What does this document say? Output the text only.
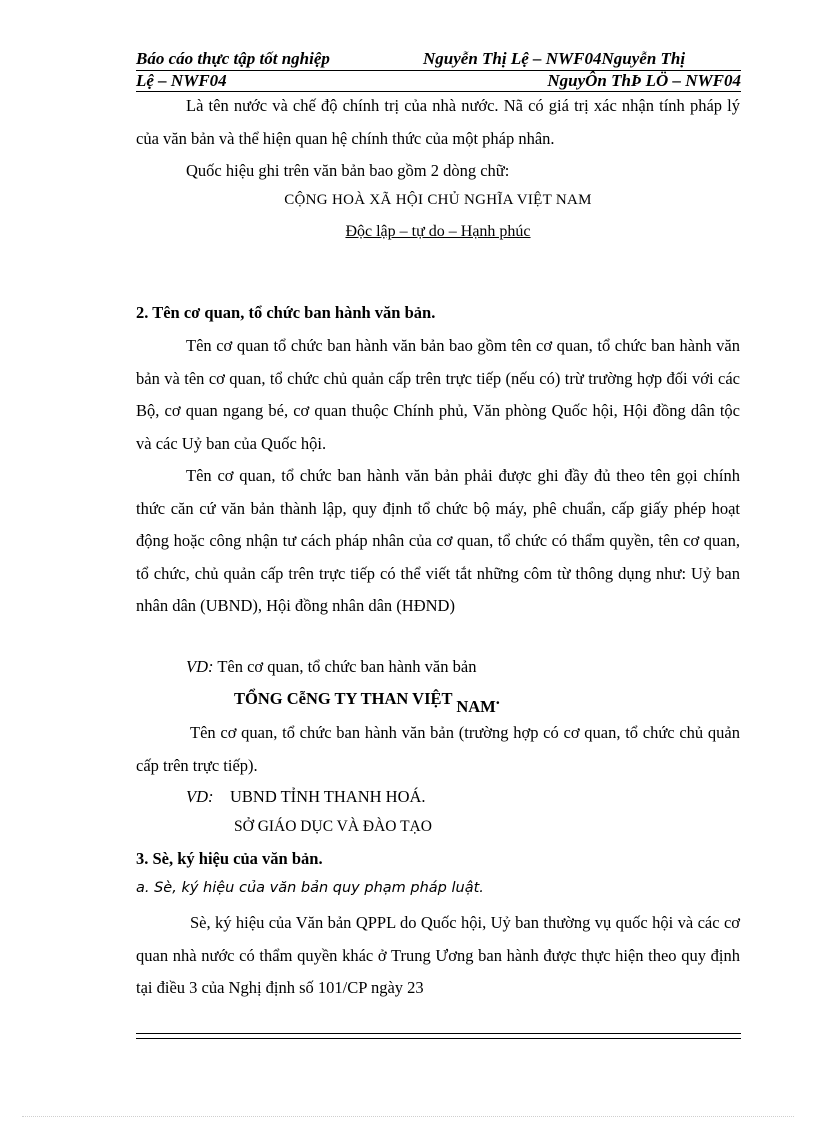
Báo cáo thực tập tốt nghiệp	Nguyễn Thị Lệ – NWF04Nguyễn Thị
Lệ – NWF04	NguyÔn ThÞ LÖ – NWF04
Là tên nước và chế độ chính trị của nhà nước. Nã có giá trị xác nhận tính pháp lý của văn bản và thể hiện quan hệ chính thức của một pháp nhân.
Quốc hiệu ghi trên văn bản bao gồm 2 dòng chữ:
CỘNG HOÀ XÃ HỘI CHỦ NGHĨA VIỆT NAM
Độc lập – tự do – Hạnh phúc
2. Tên cơ quan, tổ chức ban hành văn bản.
Tên cơ quan tổ chức ban hành văn bản bao gồm tên cơ quan, tổ chức ban hành văn bản và tên cơ quan, tổ chức chủ quản cấp trên trực tiếp (nếu có) trừ trường hợp đối với các Bộ, cơ quan ngang bé, cơ quan thuộc Chính phủ, Văn phòng Quốc hội, Hội đồng dân tộc và các Uỷ ban của Quốc hội.
Tên cơ quan, tổ chức ban hành văn bản phải được ghi đầy đủ theo tên gọi chính thức căn cứ văn bản thành lập, quy định tổ chức bộ máy, phê chuẩn, cấp giấy phép hoạt động hoặc công nhận tư cách pháp nhân của cơ quan, tổ chức có thẩm quyền, tên cơ quan, tổ chức, chủ quản cấp trên trực tiếp có thể viết tắt những côm từ thông dụng như: Uỷ ban nhân dân (UBND), Hội đồng nhân dân (HĐND)
VD: Tên cơ quan, tổ chức ban hành văn bản
TỔNG CễNG TY THAN VIỆT NAM.
Tên cơ quan, tổ chức ban hành văn bản (trường hợp có cơ quan, tổ chức chủ quản cấp trên trực tiếp).
VD: UBND TỈNH THANH HOÁ.
SỞ GIÁO DỤC VÀ ĐÀO TẠO
3. Sè, ký hiệu của văn bản.
a. Sè, ký hiệu của văn bản quy phạm pháp luật.
Sè, ký hiệu của Văn bản QPPL do Quốc hội, Uỷ ban thường vụ quốc hội và các cơ quan nhà nước có thẩm quyền khác ở Trung Ương ban hành được thực hiện theo quy định tại điều 3 của Nghị định số 101/CP ngày 23
